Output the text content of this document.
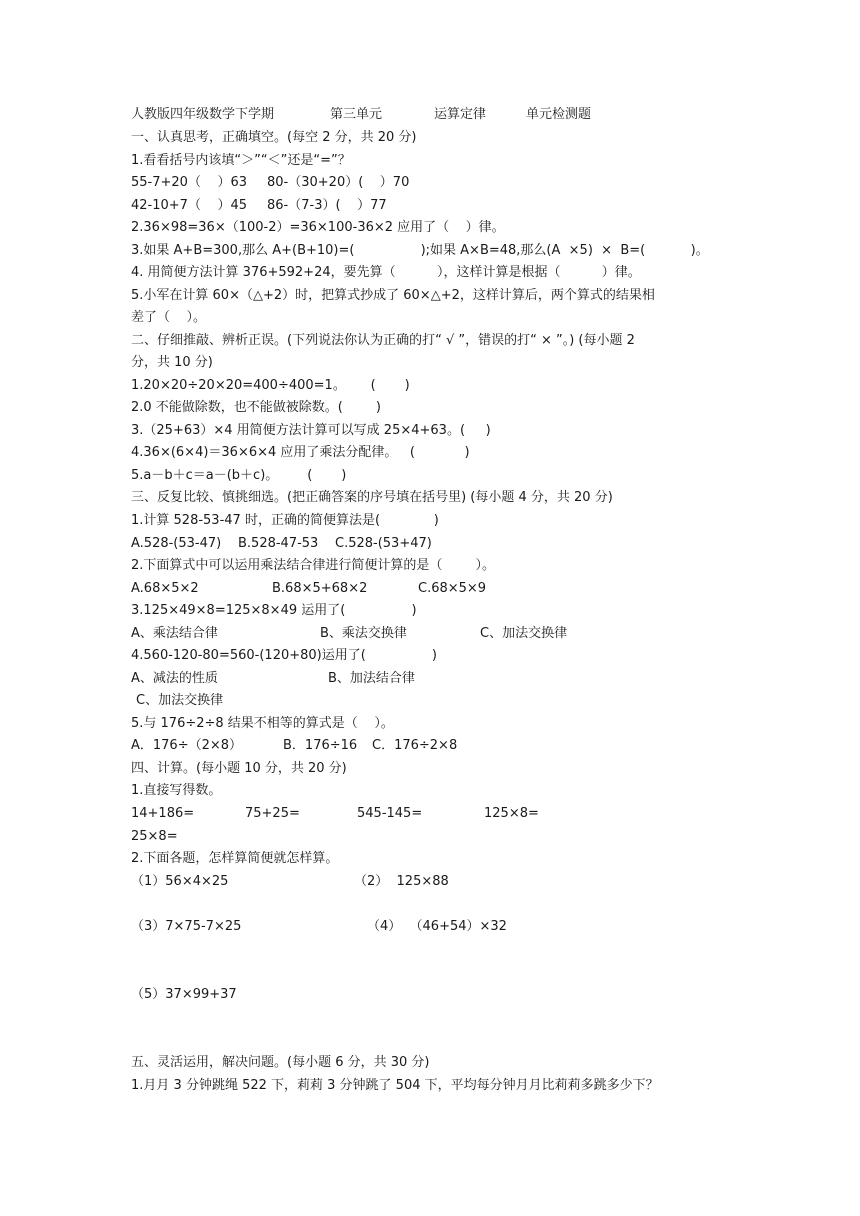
人教版四年级数学下学期	第三单元	运算定律	单元检测题
一、认真思考，正确填空。(每空 2 分，共 20 分)
1.看看括号内该填“＞”“＜”还是“=”？
55-7+20（    ）63 80-（30+20）(    ）70
42-10+7（    ）45 86-（7-3）(    ）77
2.36×98=36×（100-2）=36×100-36×2 应用了（    ）律。
3.如果 A+B=300,那么 A+(B+10)=(                );如果 A×B=48,那么(A  ×5)  ×  B=(           )。
4. 用简便方法计算 376+592+24，要先算（          ），这样计算是根据（          ）律。
5.小军在计算 60×（△+2）时，把算式抄成了 60×△+2，这样计算后，两个算式的结果相
差了（    ）。
二、仔细推敲、辨析正误。(下列说法你认为正确的打“ √ ”，错误的打“ × ”。) (每小题 2
分，共 10 分)
1.20×20÷20×20=400÷400=1。      (       )
2.0 不能做除数，也不能做被除数。(        )
3.（25+63）×4 用简便方法计算可以写成 25×4+63。(     )
4.36×(6×4)＝36×6×4 应用了乘法分配律。   (            )
5.a－b＋c＝a－(b＋c)。       (       )
三、反复比较、慎挑细选。(把正确答案的序号填在括号里) (每小题 4 分，共 20 分)
1.计算 528-53-47 时，正确的简便算法是(             )
A.528-(53-47) B.528-47-53 C.528-(53+47)
2.下面算式中可以运用乘法结合律进行简便计算的是（        ）。
A.68×5×2	B.68×5+68×2	C.68×5×9
3.125×49×8=125×8×49 运用了(                )
A、乘法结合律	B、乘法交换律	C、加法交换律
4.560-120-80=560-(120+80)运用了(                )
A、减法的性质	B、加法结合律
C、加法交换律
5.与 176÷2÷8 结果不相等的算式是（    ）。
A．176÷（2×8）	B．176÷16 C．176÷2×8
四、计算。(每小题 10 分，共 20 分)
1.直接写得数。
14+186=	75+25=	545-145=	125×8=
25×8=
2.下面各题，怎样算简便就怎样算。
（1）56×4×25	（2）  125×88
（3）7×75-7×25	（4）  （46+54）×32
（5）37×99+37
五、灵活运用，解决问题。(每小题 6 分，共 30 分)
1.月月 3 分钟跳绳 522 下，莉莉 3 分钟跳了 504 下，平均每分钟月月比莉莉多跳多少下？
